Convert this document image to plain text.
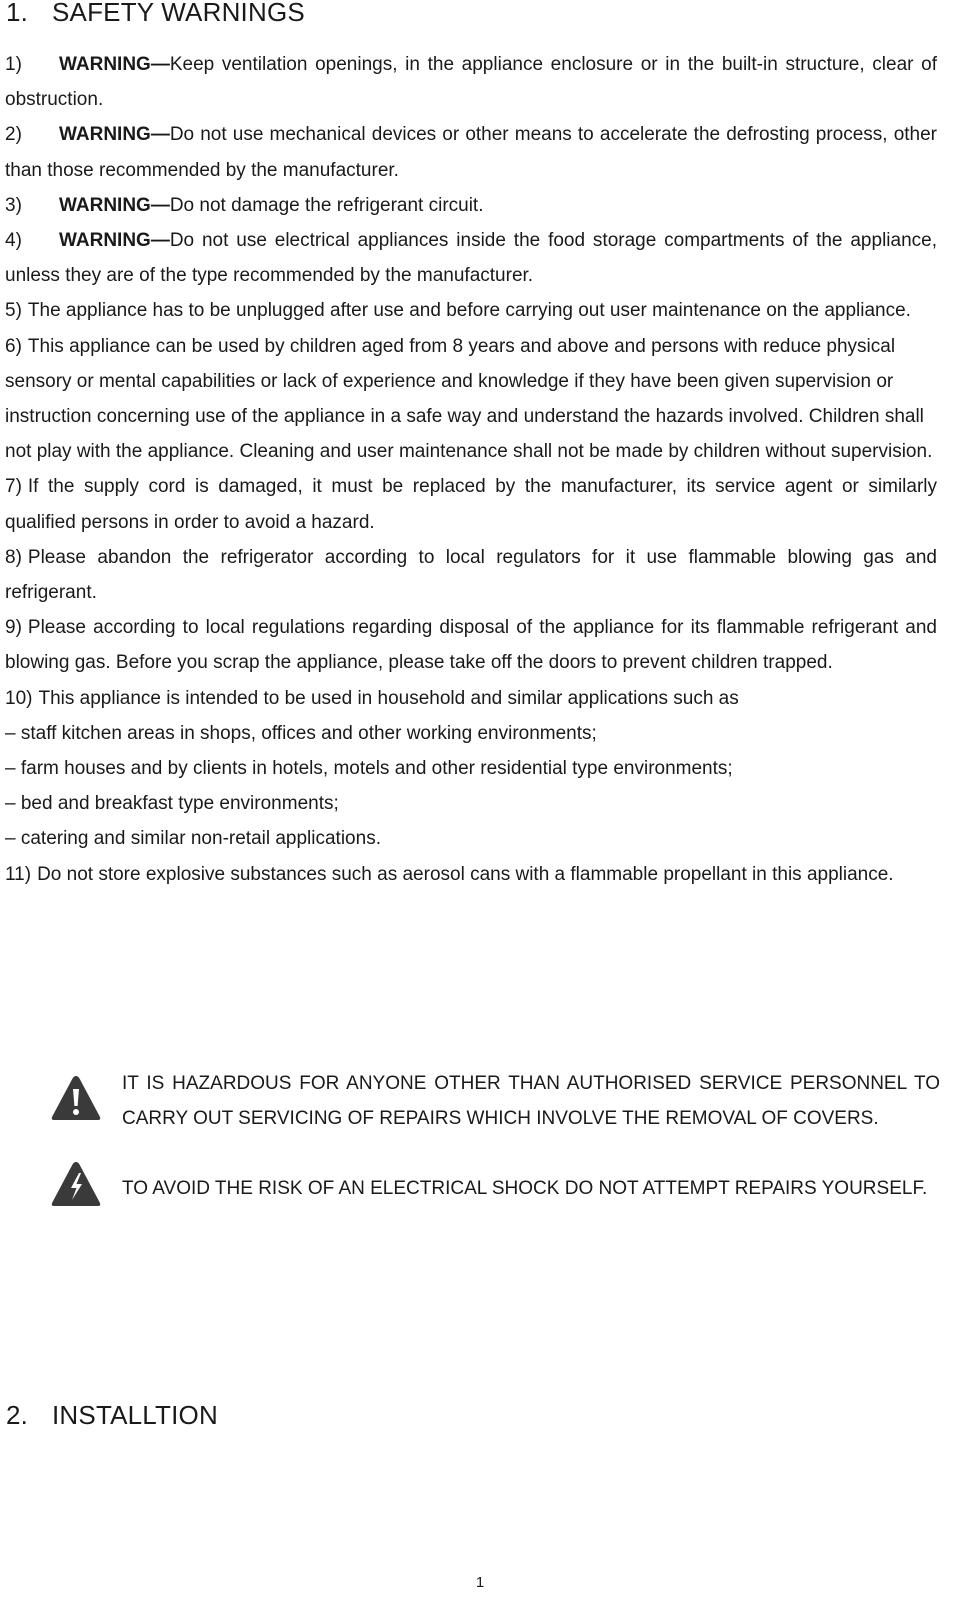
1. SAFETY WARNINGS

1) WARNING—Keep ventilation openings, in the appliance enclosure or in the built-in structure, clear of obstruction.

2) WARNING—Do not use mechanical devices or other means to accelerate the defrosting process, other than those recommended by the manufacturer.

3) WARNING—Do not damage the refrigerant circuit.

4) WARNING—Do not use electrical appliances inside the food storage compartments of the appliance, unless they are of the type recommended by the manufacturer.

5) The appliance has to be unplugged after use and before carrying out user maintenance on the appliance.

6) This appliance can be used by children aged from 8 years and above and persons with reduce physical sensory or mental capabilities or lack of experience and knowledge if they have been given supervision or instruction concerning use of the appliance in a safe way and understand the hazards involved. Children shall not play with the appliance. Cleaning and user maintenance shall not be made by children without supervision.

7) If the supply cord is damaged, it must be replaced by the manufacturer, its service agent or similarly qualified persons in order to avoid a hazard.

8) Please abandon the refrigerator according to local regulators for it use flammable blowing gas and refrigerant.

9) Please according to local regulations regarding disposal of the appliance for its flammable refrigerant and blowing gas. Before you scrap the appliance, please take off the doors to prevent children trapped.

10) This appliance is intended to be used in household and similar applications such as
– staff kitchen areas in shops, offices and other working environments;
– farm houses and by clients in hotels, motels and other residential type environments;
– bed and breakfast type environments;
– catering and similar non-retail applications.

11) Do not store explosive substances such as aerosol cans with a flammable propellant in this appliance.

IT IS HAZARDOUS FOR ANYONE OTHER THAN AUTHORISED SERVICE PERSONNEL TO CARRY OUT SERVICING OF REPAIRS WHICH INVOLVE THE REMOVAL OF COVERS.
TO AVOID THE RISK OF AN ELECTRICAL SHOCK DO NOT ATTEMPT REPAIRS YOURSELF.
2. INSTALLTION
1
